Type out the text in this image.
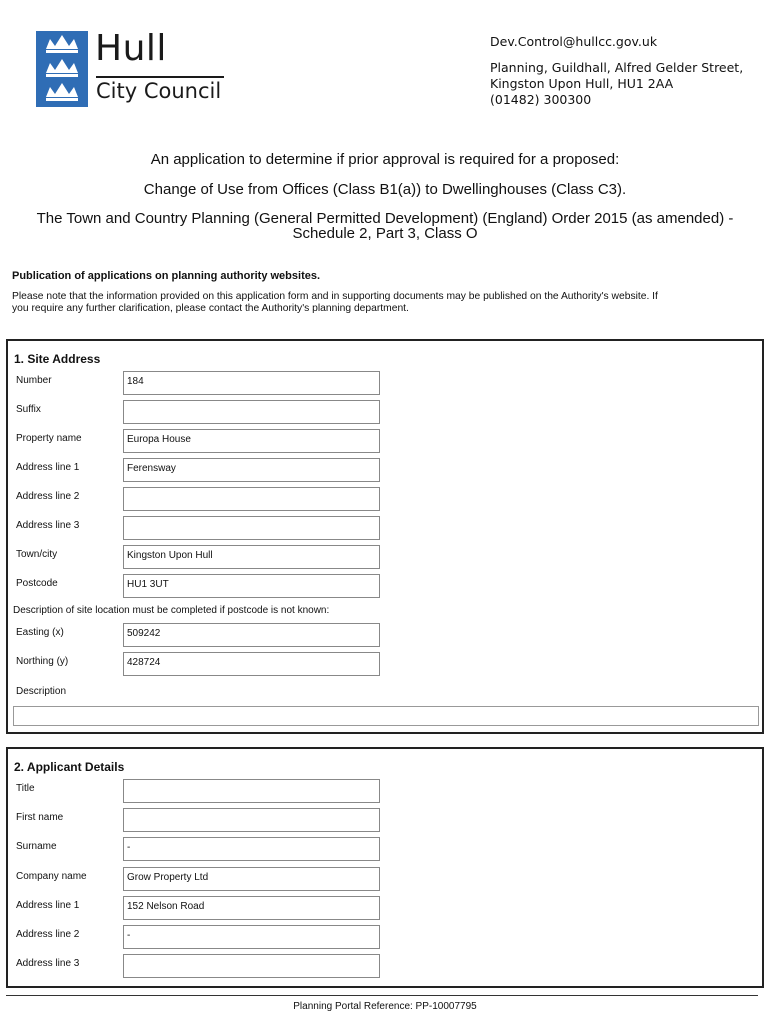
Hull
City Council
Dev.Control@hullcc.gov.uk
Planning, Guildhall, Alfred Gelder Street,
Kingston Upon Hull, HU1 2AA
(01482) 300300
An application to determine if prior approval is required for a proposed:
Change of Use from Offices (Class B1(a)) to Dwellinghouses (Class C3).
The Town and Country Planning (General Permitted Development) (England) Order 2015 (as amended) -
Schedule 2, Part 3, Class O
Publication of applications on planning authority websites.
Please note that the information provided on this application form and in supporting documents may be published on the Authority's website. If
you require any further clarification, please contact the Authority's planning department.
1. Site Address
Number	184
Suffix
Property name	Europa House
Address line 1	Ferensway
Address line 2
Address line 3
Town/city	Kingston Upon Hull
Postcode	HU1 3UT
Description of site location must be completed if postcode is not known:
Easting (x)	509242
Northing (y)	428724
Description
2. Applicant Details
Title
First name
Surname	-
Company name	Grow Property Ltd
Address line 1	152 Nelson Road
Address line 2	-
Address line 3
Planning Portal Reference: PP-10007795
